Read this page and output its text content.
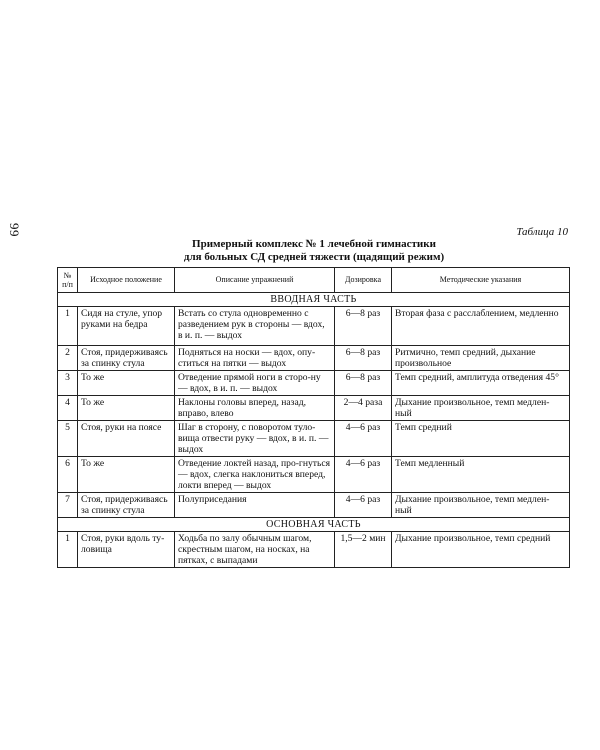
99	Таблица 10
Примерный комплекс № 1 лечебной гимнастики
для больных СД средней тяжести (щадящий режим)
№ п/п	Исходное положение	Описание упражнений	Дозировка	Методические указания
ВВОДНАЯ ЧАСТЬ				
1	Сидя на стуле, упор руками на бедра	Встать со стула одновременно с разведением рук в стороны — вдох, в и. п. — выдох	6—8 раз	Вторая фаза с расслаблением, медленно
2	Стоя, придерживаясь за спинку стула	Подняться на носки — вдох, опу-ститься на пятки — выдох	6—8 раз	Ритмично, темп средний, дыхание произвольное
3	То же	Отведение прямой ноги в сторо-ну — вдох, в и. п. — выдох	6—8 раз	Темп средний, амплитуда отведения 45°
4	То же	Наклоны головы вперед, назад, вправо, влево	2—4 раза	Дыхание произвольное, темп медлен-ный
5	Стоя, руки на поясе	Шаг в сторону, с поворотом туло-вища отвести руку — вдох, в и. п. — выдох	4—6 раз	Темп средний
6	То же	Отведение локтей назад, про-гнуться — вдох, слегка наклониться вперед, локти вперед — выдох	4—6 раз	Темп медленный
7	Стоя, придерживаясь за спинку стула	Полуприседания	4—6 раз	Дыхание произвольное, темп медлен-ный
ОСНОВНАЯ ЧАСТЬ				
1	Стоя, руки вдоль ту-ловища	Ходьба по залу обычным шагом, скрестным шагом, на носках, на пятках, с выпадами	1,5—2 мин	Дыхание произвольное, темп средний
